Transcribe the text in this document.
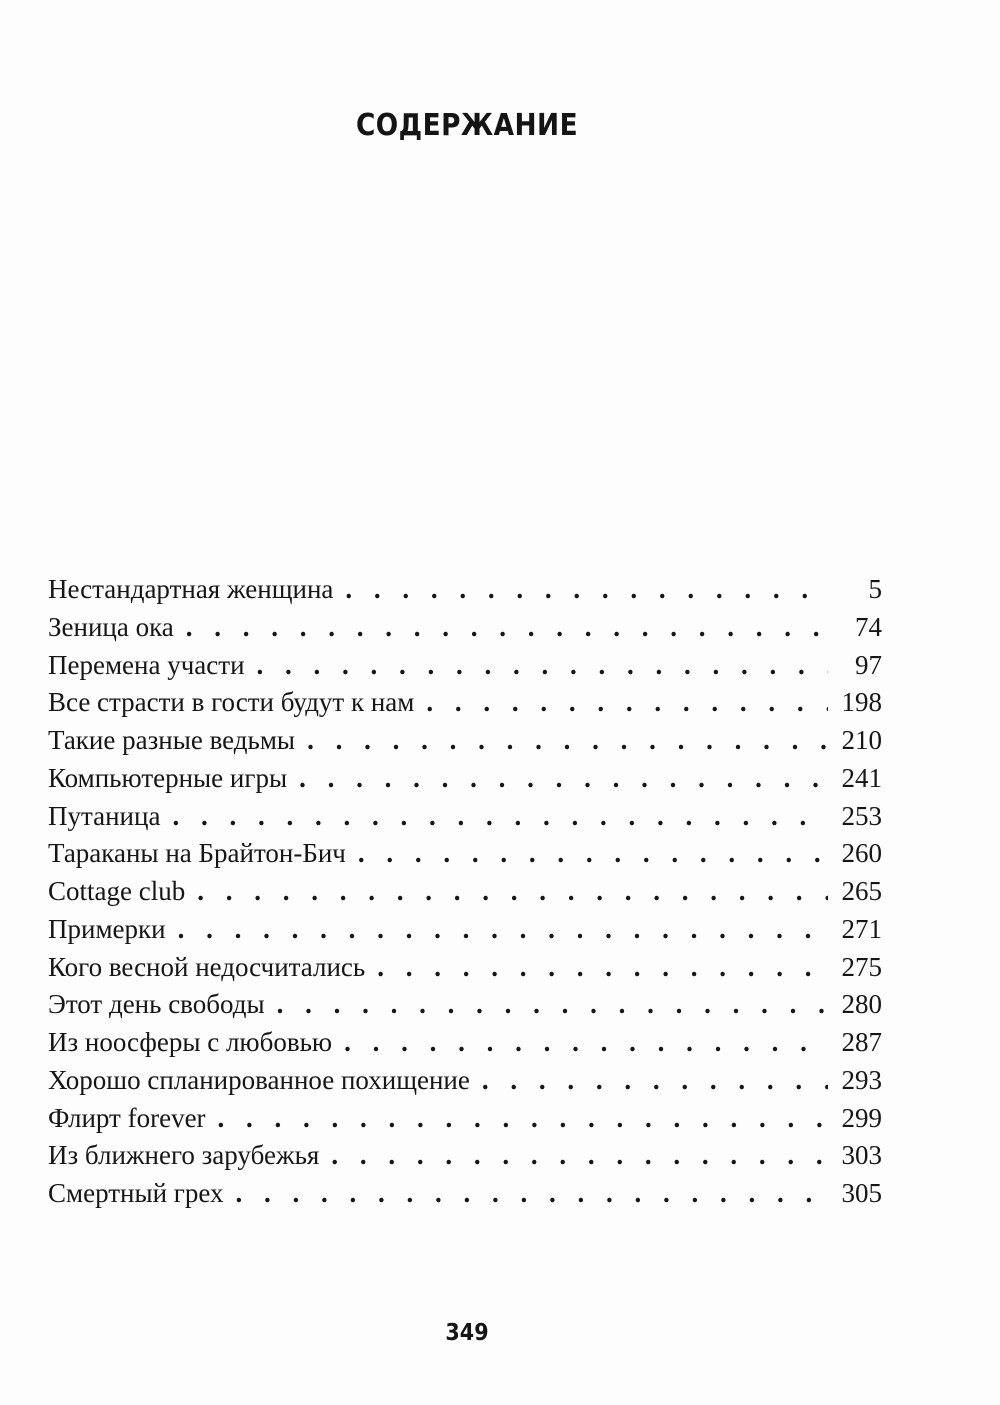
СОДЕРЖАНИЕ
Нестандартная женщина . . .	5
Зеница ока . . .	74
Перемена участи . . .	97
Все страсти в гости будут к нам . . .	198
Такие разные ведьмы . . .	210
Компьютерные игры . . .	241
Путаница . . .	253
Тараканы на Брайтон-Бич . . .	260
Cottage club . . .	265
Примерки . . .	271
Кого весной недосчитались . . .	275
Этот день свободы . . .	280
Из ноосферы с любовью . . .	287
Хорошо спланированное похищение . . .	293
Флирт forever . . .	299
Из ближнего зарубежья . . .	303
Смертный грех . . .	305
349
